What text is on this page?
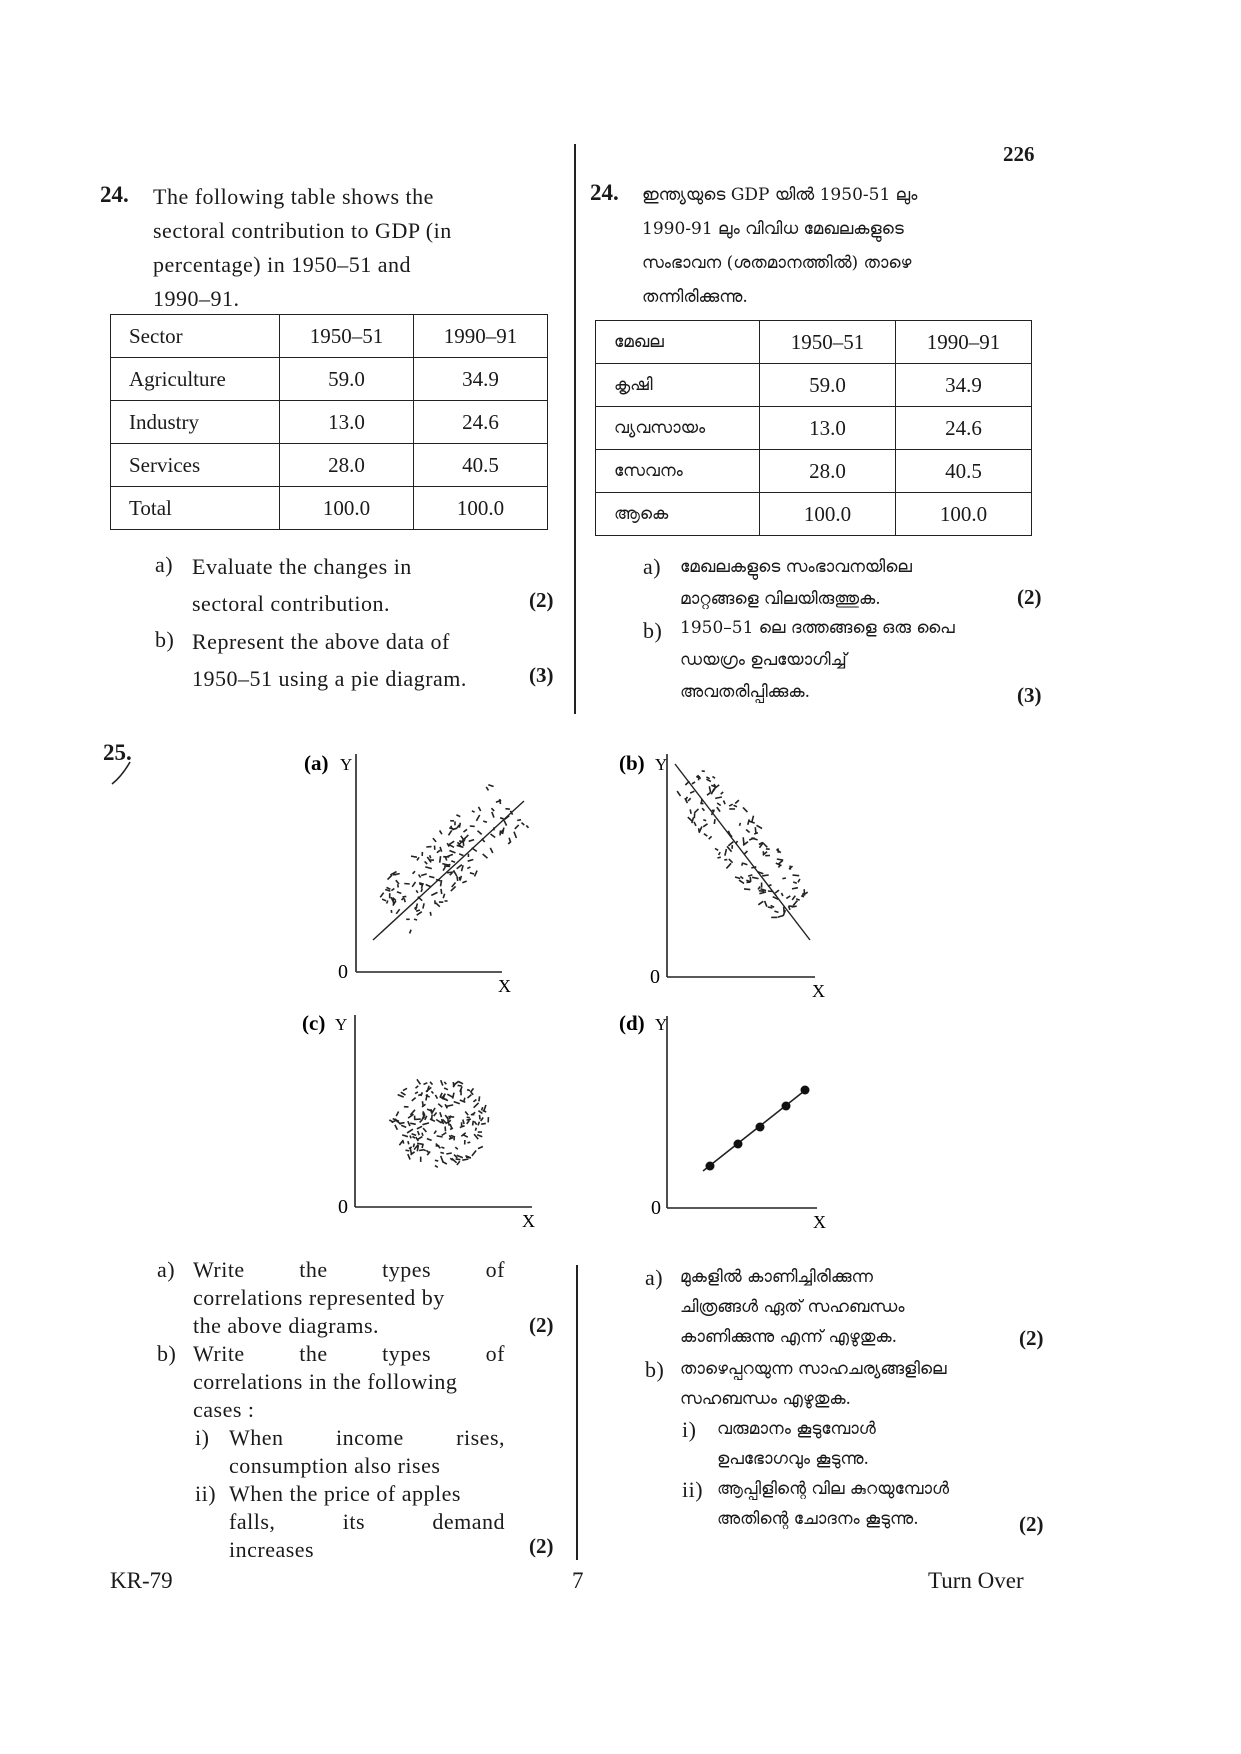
226
24. The following table shows the
sectoral contribution to GDP (in
percentage) in 1950–51 and
1990–91.
Sector	1950–51	1990–91
Agriculture	59.0	34.9
Industry	13.0	24.6
Services	28.0	40.5
Total	100.0	100.0
a) Evaluate the changes in
sectoral contribution.	(2)
b) Represent the above data of
1950–51 using a pie diagram.	(3)
24. ഇന്ത്യയുടെ GDP യിൽ 1950-51 ലും
1990-91 ലും വിവിധ മേഖലകളുടെ
സംഭാവന (ശതമാനത്തിൽ) താഴെ
തന്നിരിക്കുന്നു.
മേഖല	1950–51	1990–91
കൃഷി	59.0	34.9
വ്യവസായം	13.0	24.6
സേവനം	28.0	40.5
ആകെ	100.0	100.0
a) മേഖലകളുടെ സംഭാവനയിലെ
മാറ്റങ്ങളെ വിലയിരുത്തുക.	(2)
b) 1950–51 ലെ ദത്തങ്ങളെ ഒരു പൈ
ഡയഗ്രം ഉപയോഗിച്ച്
അവതരിപ്പിക്കുക.	(3)
25.	(a) Y
0
X
(b) Y
0
X
(c) Y
0
X
(d) Y
0
X
a) Write the types of
correlations represented by
the above diagrams.	(2)
b) Write the types of
correlations in the following
cases :
i) When income rises,
consumption also rises
ii) When the price of apples
falls, its demand
increases	(2)
a) മുകളിൽ കാണിച്ചിരിക്കുന്ന
ചിത്രങ്ങൾ ഏത് സഹബന്ധം
കാണിക്കുന്നു എന്ന് എഴുതുക.	(2)
b) താഴെപ്പറയുന്ന സാഹചര്യങ്ങളിലെ
സഹബന്ധം എഴുതുക.
i) വരുമാനം കൂടുമ്പോൾ
ഉപഭോഗവും കൂടുന്നു.
ii) ആപ്പിളിന്റെ വില കുറയുമ്പോൾ
അതിന്റെ ചോദനം കൂടുന്നു.	(2)
KR-79	7	Turn Over
